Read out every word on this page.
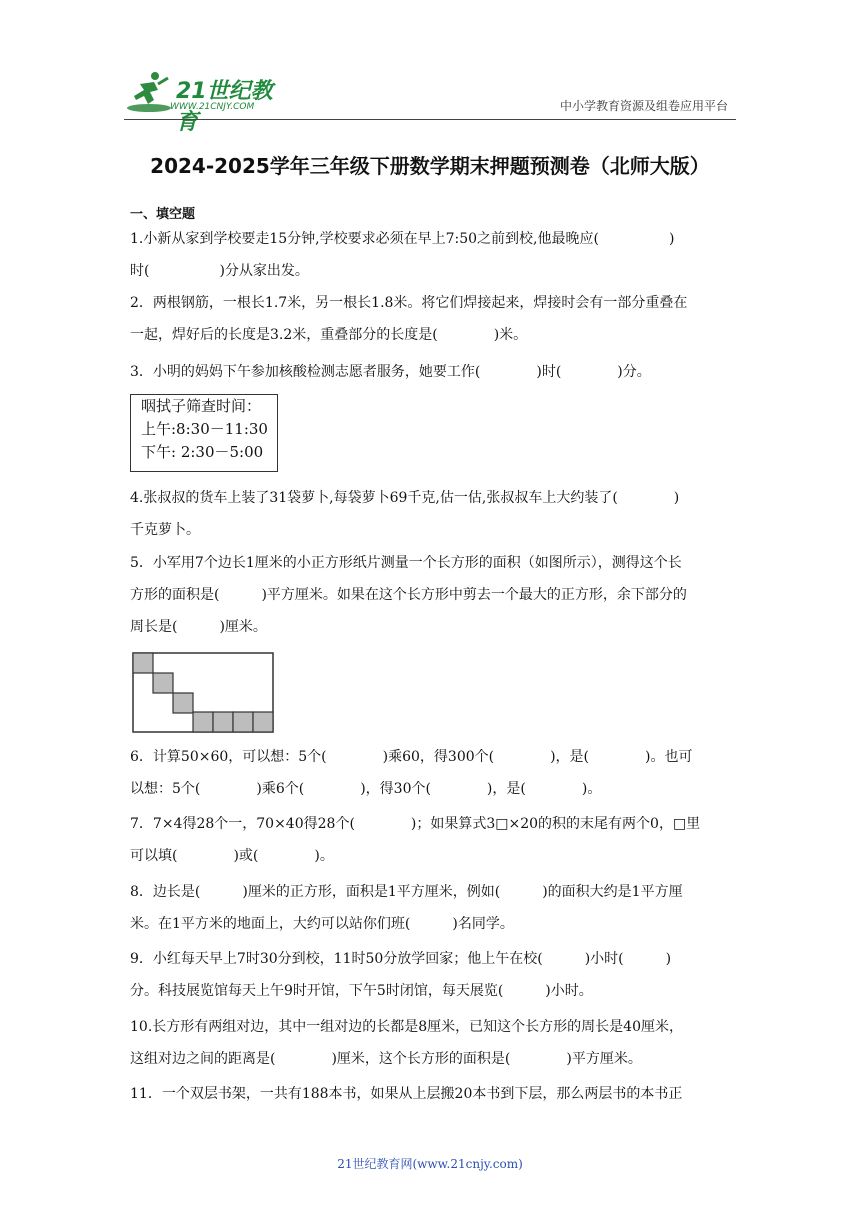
21世纪教育
WWW.21CNJY.COM	中小学教育资源及组卷应用平台
2024-2025学年三年级下册数学期末押题预测卷（北师大版）
一、填空题

1.小新从家到学校要走15分钟,学校要求必须在早上7:50之前到校,他最晚应(　　　　　)

时(　　　　　)分从家出发。

2．两根钢筋，一根长1.7米，另一根长1.8米。将它们焊接起来，焊接时会有一部分重叠在

一起，焊好后的长度是3.2米，重叠部分的长度是(　　　　)米。

3．小明的妈妈下午参加核酸检测志愿者服务，她要工作(　　　　)时(　　　　)分。

咽拭子筛查时间：
上午:8:30－11:30
下午: 2:30－5:00

4.张叔叔的货车上装了31袋萝卜,每袋萝卜69千克,估一估,张叔叔车上大约装了(　　　　)

千克萝卜。

5．小军用7个边长1厘米的小正方形纸片测量一个长方形的面积（如图所示），测得这个长

方形的面积是(　　　)平方厘米。如果在这个长方形中剪去一个最大的正方形，余下部分的

周长是(　　　)厘米。

6．计算50×60，可以想：5个(　　　　)乘60，得300个(　　　　)，是(　　　　)。也可

以想：5个(　　　　)乘6个(　　　　)，得30个(　　　　)，是(　　　　)。

7．7×4得28个一，70×40得28个(　　　　)；如果算式3□×20的积的末尾有两个0，□里

可以填(　　　　)或(　　　　)。

8．边长是(　　　)厘米的正方形，面积是1平方厘米，例如(　　　)的面积大约是1平方厘

米。在1平方米的地面上，大约可以站你们班(　　　)名同学。

9．小红每天早上7时30分到校，11时50分放学回家；他上午在校(　　　)小时(　　　)

分。科技展览馆每天上午9时开馆，下午5时闭馆，每天展览(　　　)小时。

10.长方形有两组对边，其中一组对边的长都是8厘米，已知这个长方形的周长是40厘米，

这组对边之间的距离是(　　　　)厘米，这个长方形的面积是(　　　　)平方厘米。

11．一个双层书架，一共有188本书，如果从上层搬20本书到下层，那么两层书的本书正

21世纪教育网(www.21cnjy.com)
